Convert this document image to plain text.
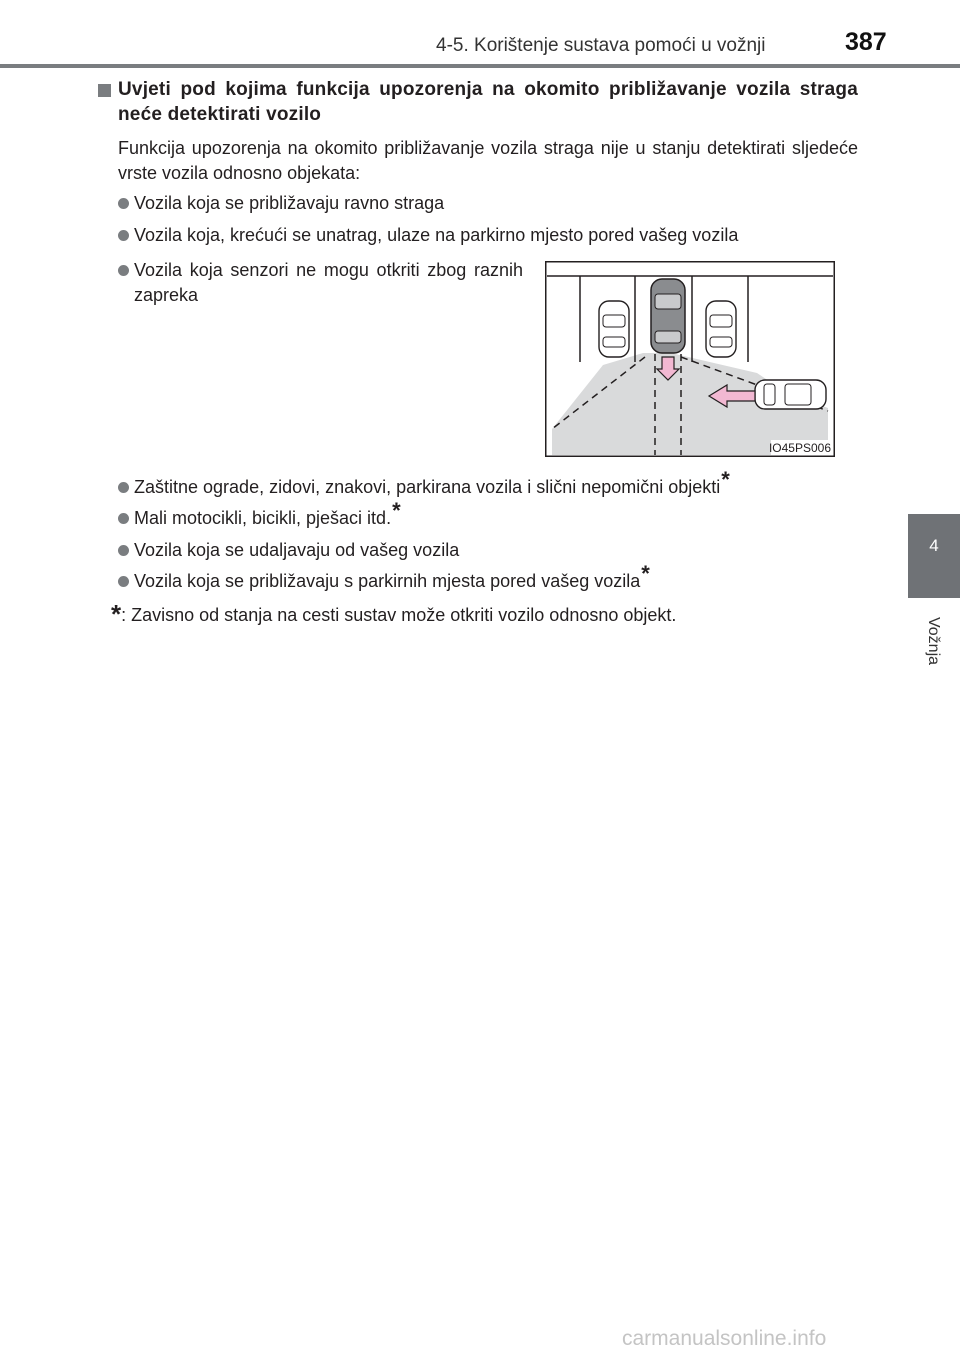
4-5. Korištenje sustava pomoći u vožnji	387
4
Vožnja
Uvjeti pod kojima funkcija upozorenja na okomito približavanje vozila straga neće detektirati vozilo
Funkcija upozorenja na okomito približavanje vozila straga nije u stanju detektirati sljedeće vrste vozila odnosno objekata:
Vozila koja se približavaju ravno straga
Vozila koja, krećući se unatrag, ulaze na parkirno mjesto pored vašeg vozila
Vozila koja senzori ne mogu otkriti zbog raznih zapreka
IO45PS006
Zaštitne ograde, zidovi, znakovi, parkirana vozila i slični nepomični objekti*
Mali motocikli, bicikli, pješaci itd.*
Vozila koja se udaljavaju od vašeg vozila
Vozila koja se približavaju s parkirnih mjesta pored vašeg vozila*
*: Zavisno od stanja na cesti sustav može otkriti vozilo odnosno objekt.
carmanualsonline.info
